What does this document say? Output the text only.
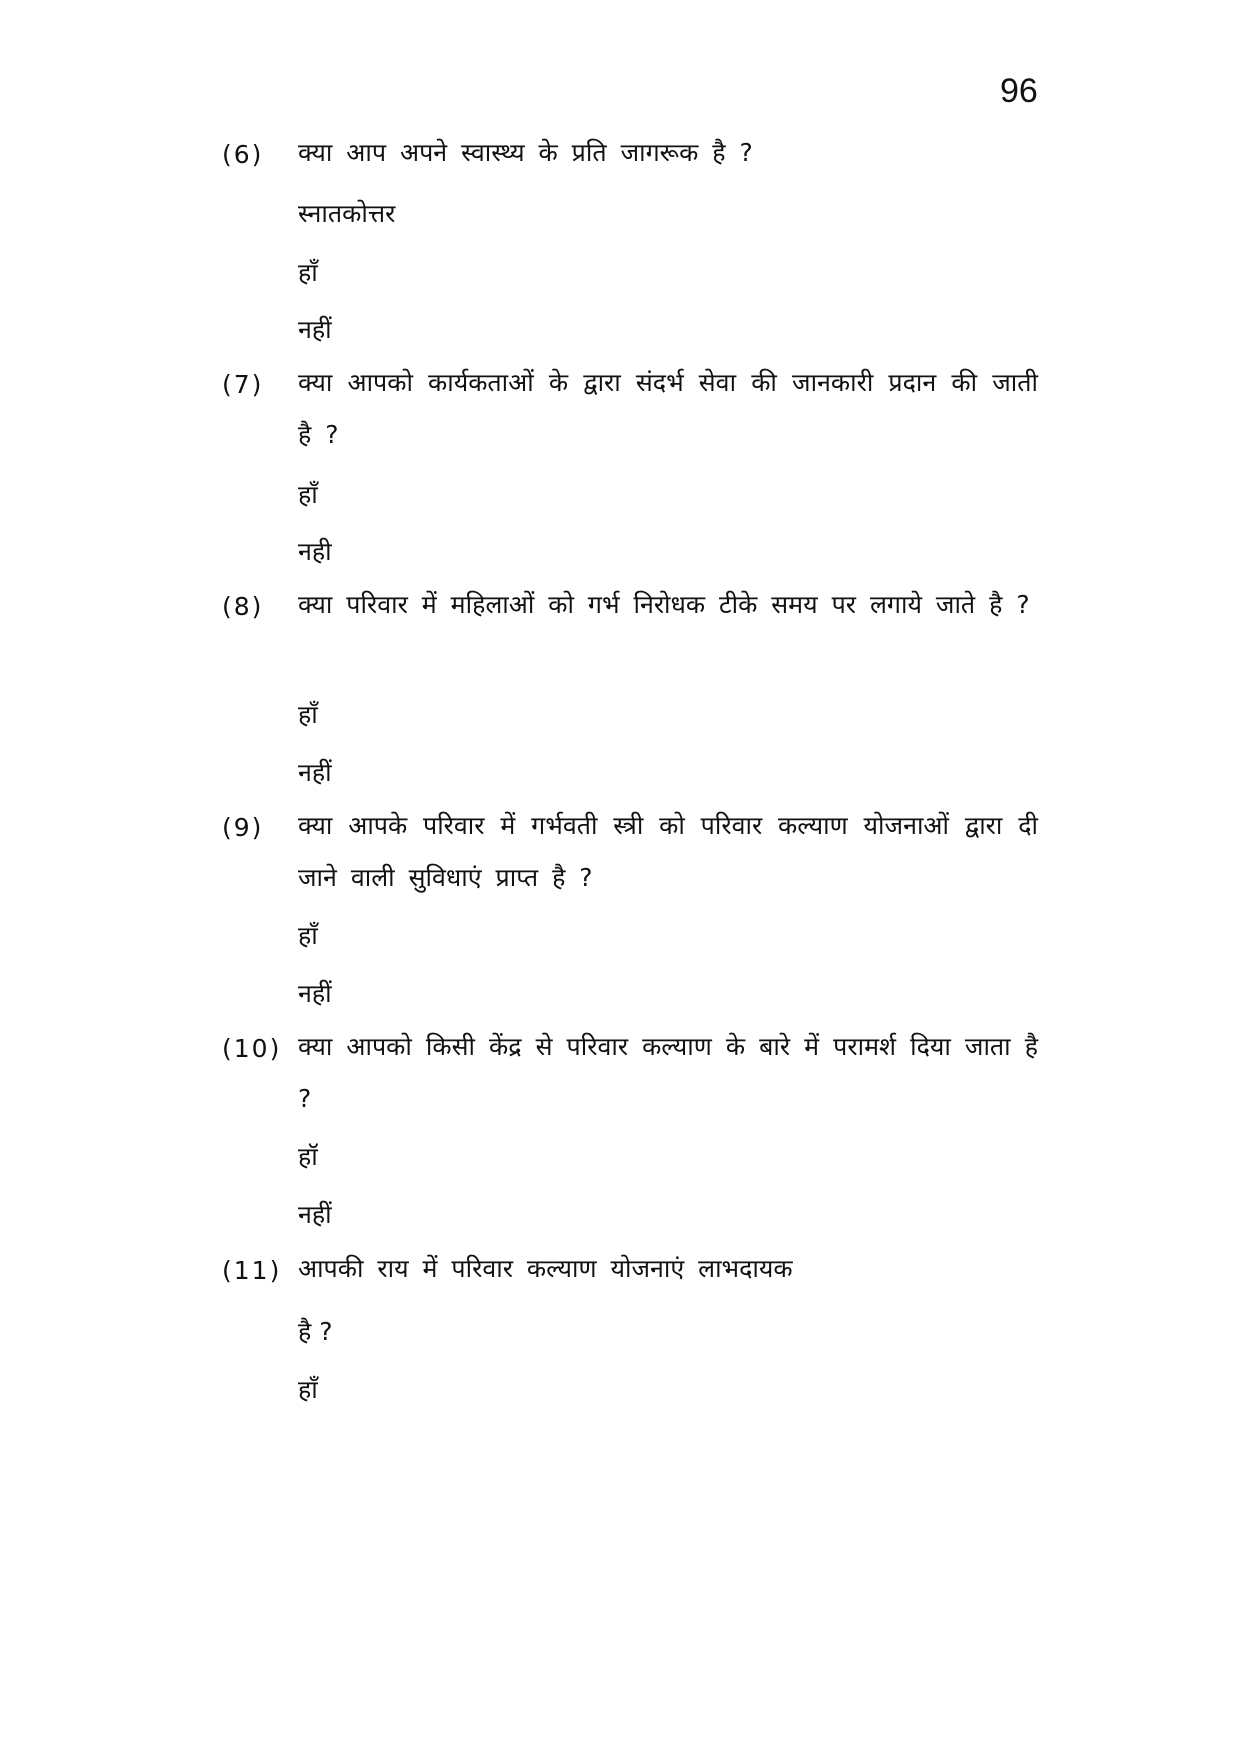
96
(6) क्या आप अपने स्वास्थ्य के प्रति जागरूक है ?
स्नातकोत्तर
हाँ
नहीं
(7) क्या आपको कार्यकताओं के द्वारा संदर्भ सेवा की जानकारी प्रदान की जाती है ?
हाँ
नही
(8) क्या परिवार में महिलाओं को गर्भ निरोधक टीके समय पर लगाये जाते है ?
हाँ
नहीं
(9) क्या आपके परिवार में गर्भवती स्त्री को परिवार कल्याण योजनाओं द्वारा दी जाने वाली सुविधाएं प्राप्त है ?
हाँ
नहीं
(10) क्या आपको किसी केंद्र से परिवार कल्याण के बारे में परामर्श दिया जाता है ?
हॉ
नहीं
(11) आपकी राय में परिवार कल्याण योजनाएं लाभदायक
है ?
हाँ
